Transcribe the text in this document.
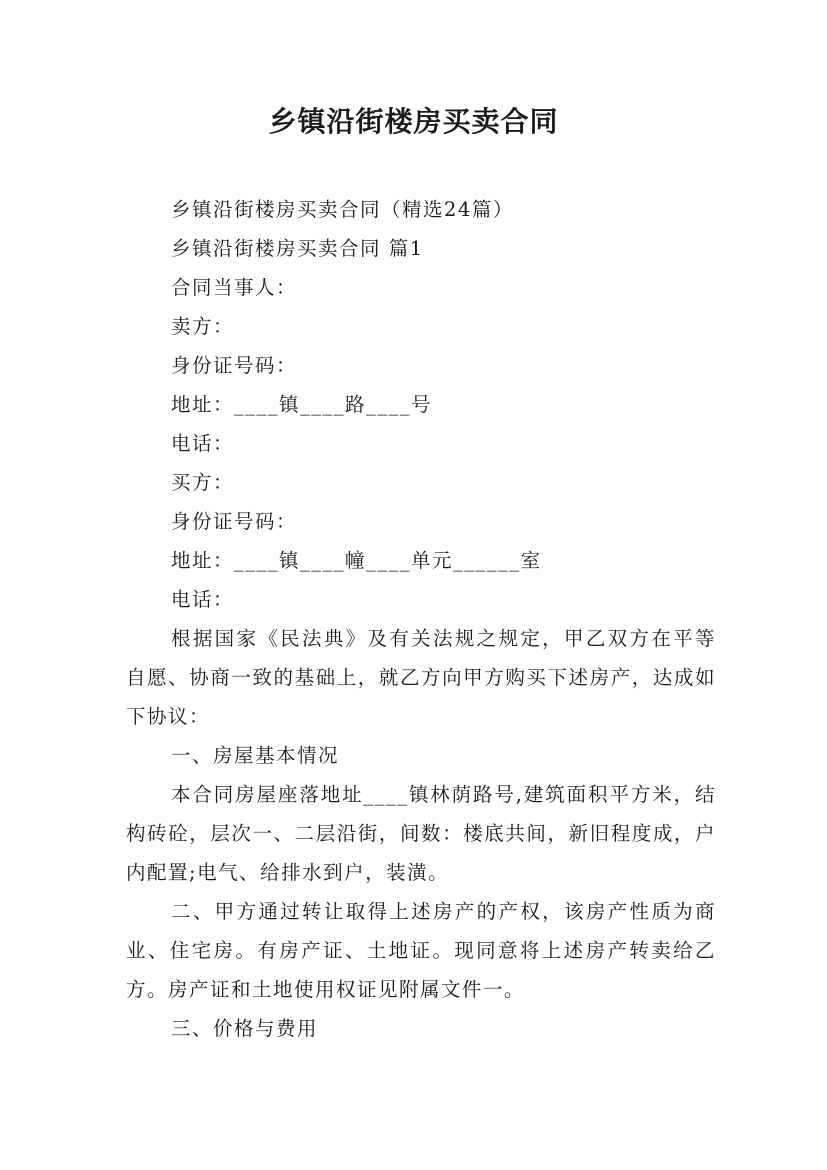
乡镇沿街楼房买卖合同

乡镇沿街楼房买卖合同（精选24篇）

乡镇沿街楼房买卖合同 篇1

合同当事人：

卖方：

身份证号码：

地址：____镇____路____号

电话：

买方：

身份证号码：

地址：____镇____幢____单元______室

电话：

根据国家《民法典》及有关法规之规定，甲乙双方在平等自愿、协商一致的基础上，就乙方向甲方购买下述房产，达成如下协议：

一、房屋基本情况

本合同房屋座落地址____镇林荫路号,建筑面积平方米，结构砖砼，层次一、二层沿街，间数：楼底共间，新旧程度成，户内配置;电气、给排水到户，装潢。

二、甲方通过转让取得上述房产的产权，该房产性质为商业、住宅房。有房产证、土地证。现同意将上述房产转卖给乙方。房产证和土地使用权证见附属文件一。

三、价格与费用
